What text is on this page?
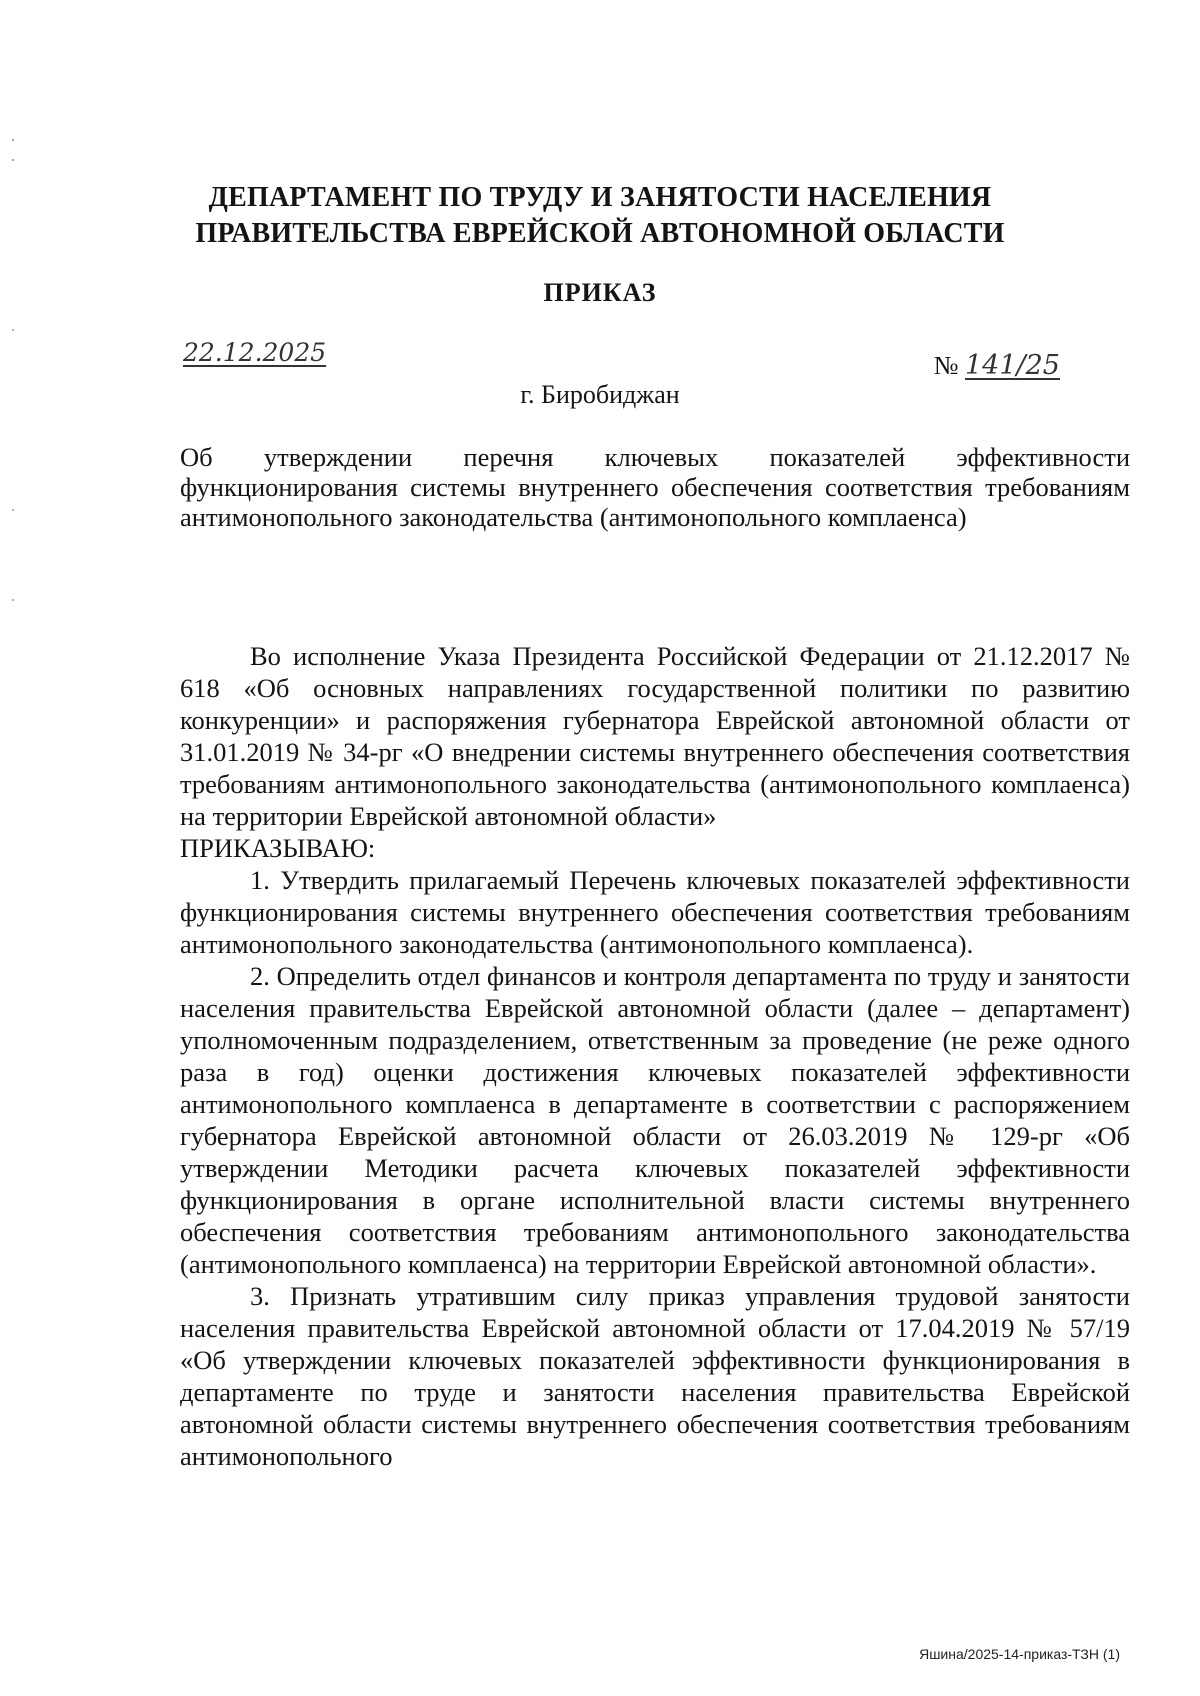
ДЕПАРТАМЕНТ ПО ТРУДУ И ЗАНЯТОСТИ НАСЕЛЕНИЯ
ПРАВИТЕЛЬСТВА ЕВРЕЙСКОЙ АВТОНОМНОЙ ОБЛАСТИ
ПРИКАЗ
22.12.2025	№ 141/25
г. Биробиджан
Об утверждении перечня ключевых показателей эффективности функционирования системы внутреннего обеспечения соответствия требованиям антимонопольного законодательства (антимонопольного комплаенса)

Во исполнение Указа Президента Российской Федерации от 21.12.2017 № 618 «Об основных направлениях государственной политики по развитию конкуренции» и распоряжения губернатора Еврейской автономной области от 31.01.2019 № 34-рг «О внедрении системы внутреннего обеспечения соответствия требованиям антимонопольного законодательства (антимонопольного комплаенса) на территории Еврейской автономной области»

ПРИКАЗЫВАЮ:

1. Утвердить прилагаемый Перечень ключевых показателей эффективности функционирования системы внутреннего обеспечения соответствия требованиям антимонопольного законодательства (антимонопольного комплаенса).

2. Определить отдел финансов и контроля департамента по труду и занятости населения правительства Еврейской автономной области (далее – департамент) уполномоченным подразделением, ответственным за проведение (не реже одного раза в год) оценки достижения ключевых показателей эффективности антимонопольного комплаенса в департаменте в соответствии с распоряжением губернатора Еврейской автономной области от 26.03.2019 № 129-рг «Об утверждении Методики расчета ключевых показателей эффективности функционирования в органе исполнительной власти системы внутреннего обеспечения соответствия требованиям антимонопольного законодательства (антимонопольного комплаенса) на территории Еврейской автономной области».

3. Признать утратившим силу приказ управления трудовой занятости населения правительства Еврейской автономной области от 17.04.2019 № 57/19 «Об утверждении ключевых показателей эффективности функционирования в департаменте по труде и занятости населения правительства Еврейской автономной области системы внутреннего обеспечения соответствия требованиям антимонопольного

Яшина/2025-14-приказ-ТЗН (1)
